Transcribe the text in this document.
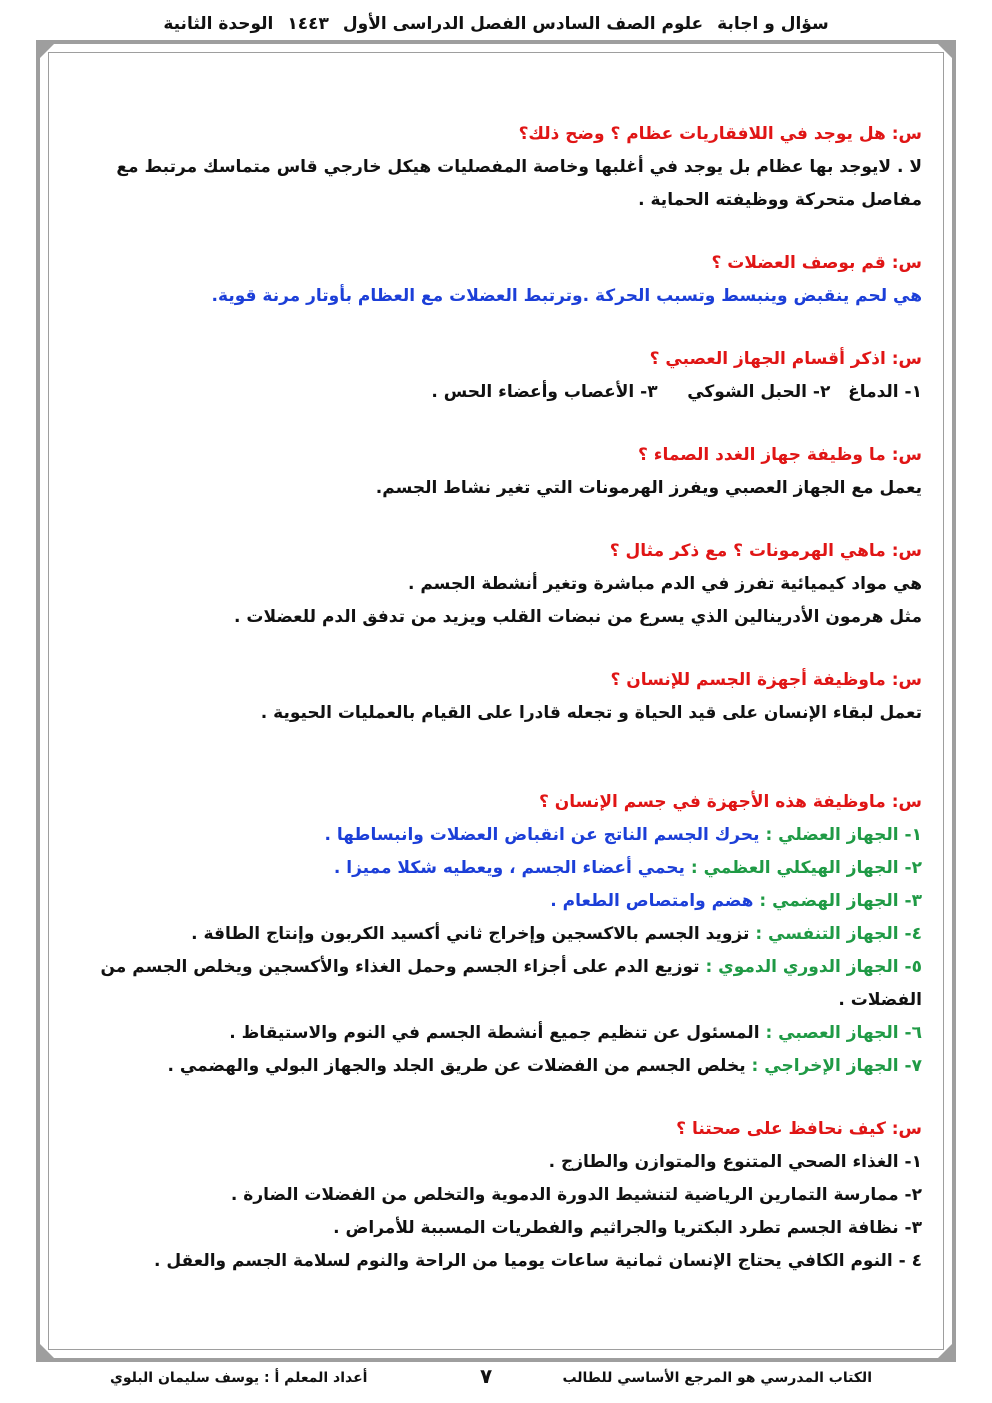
سؤال و اجابة
علوم الصف السادس الفصل الدراسى الأول
١٤٤٣
الوحدة الثانية
س: هل يوجد في اللافقاريات عظام ؟ وضح ذلك؟
لا . لايوجد بها عظام بل يوجد في أغلبها وخاصة المفصليات هيكل خارجي قاس متماسك مرتبط مع مفاصل متحركة ووظيفته الحماية .
س: قم بوصف العضلات ؟
هي لحم ينقبض وينبسط وتسبب الحركة .وترتبط العضلات مع العظام بأوتار مرنة قوية.
س: اذكر أقسام الجهاز العصبي ؟
١- الدماغ   ٢- الحبل الشوكي     ٣- الأعصاب وأعضاء الحس .
س: ما وظيفة جهاز الغدد الصماء ؟
يعمل مع الجهاز العصبي ويفرز الهرمونات التي تغير نشاط الجسم.
س: ماهي الهرمونات ؟ مع ذكر مثال ؟
هي مواد كيميائية تفرز في الدم مباشرة وتغير أنشطة الجسم .
مثل هرمون الأدرينالين الذي يسرع من نبضات القلب ويزيد من تدفق الدم للعضلات .
س: ماوظيفة أجهزة الجسم للإنسان ؟
تعمل لبقاء الإنسان على قيد الحياة و تجعله قادرا على القيام بالعمليات الحيوية .
س: ماوظيفة هذه الأجهزة في جسم الإنسان ؟
١- الجهاز العضلي : يحرك الجسم الناتج عن انقباض العضلات وانبساطها .
٢- الجهاز الهيكلي العظمي : يحمي أعضاء الجسم ، ويعطيه شكلا مميزا .
٣- الجهاز الهضمي : هضم وامتصاص الطعام .
٤- الجهاز التنفسي : تزويد الجسم بالاكسجين وإخراج ثاني أكسيد الكربون وإنتاج الطاقة .
٥- الجهاز الدوري الدموي : توزيع الدم على أجزاء الجسم وحمل الغذاء والأكسجين ويخلص الجسم من الفضلات .
٦- الجهاز العصبي : المسئول عن تنظيم جميع أنشطة الجسم في النوم والاستيقاظ .
٧- الجهاز الإخراجي : يخلص الجسم من الفضلات عن طريق الجلد والجهاز البولي والهضمي .
س: كيف نحافظ على صحتنا ؟
١- الغذاء الصحي المتنوع والمتوازن والطازج .
٢- ممارسة التمارين الرياضية لتنشيط الدورة الدموية والتخلص من الفضلات الضارة .
٣- نظافة الجسم تطرد البكتريا والجراثيم والفطريات المسببة للأمراض .
٤ - النوم الكافي يحتاج الإنسان ثمانية ساعات يوميا من الراحة والنوم لسلامة الجسم والعقل .
الكتاب المدرسي هو المرجع الأساسي للطالب
٧
أعداد المعلم أ : يوسف سليمان البلوي
